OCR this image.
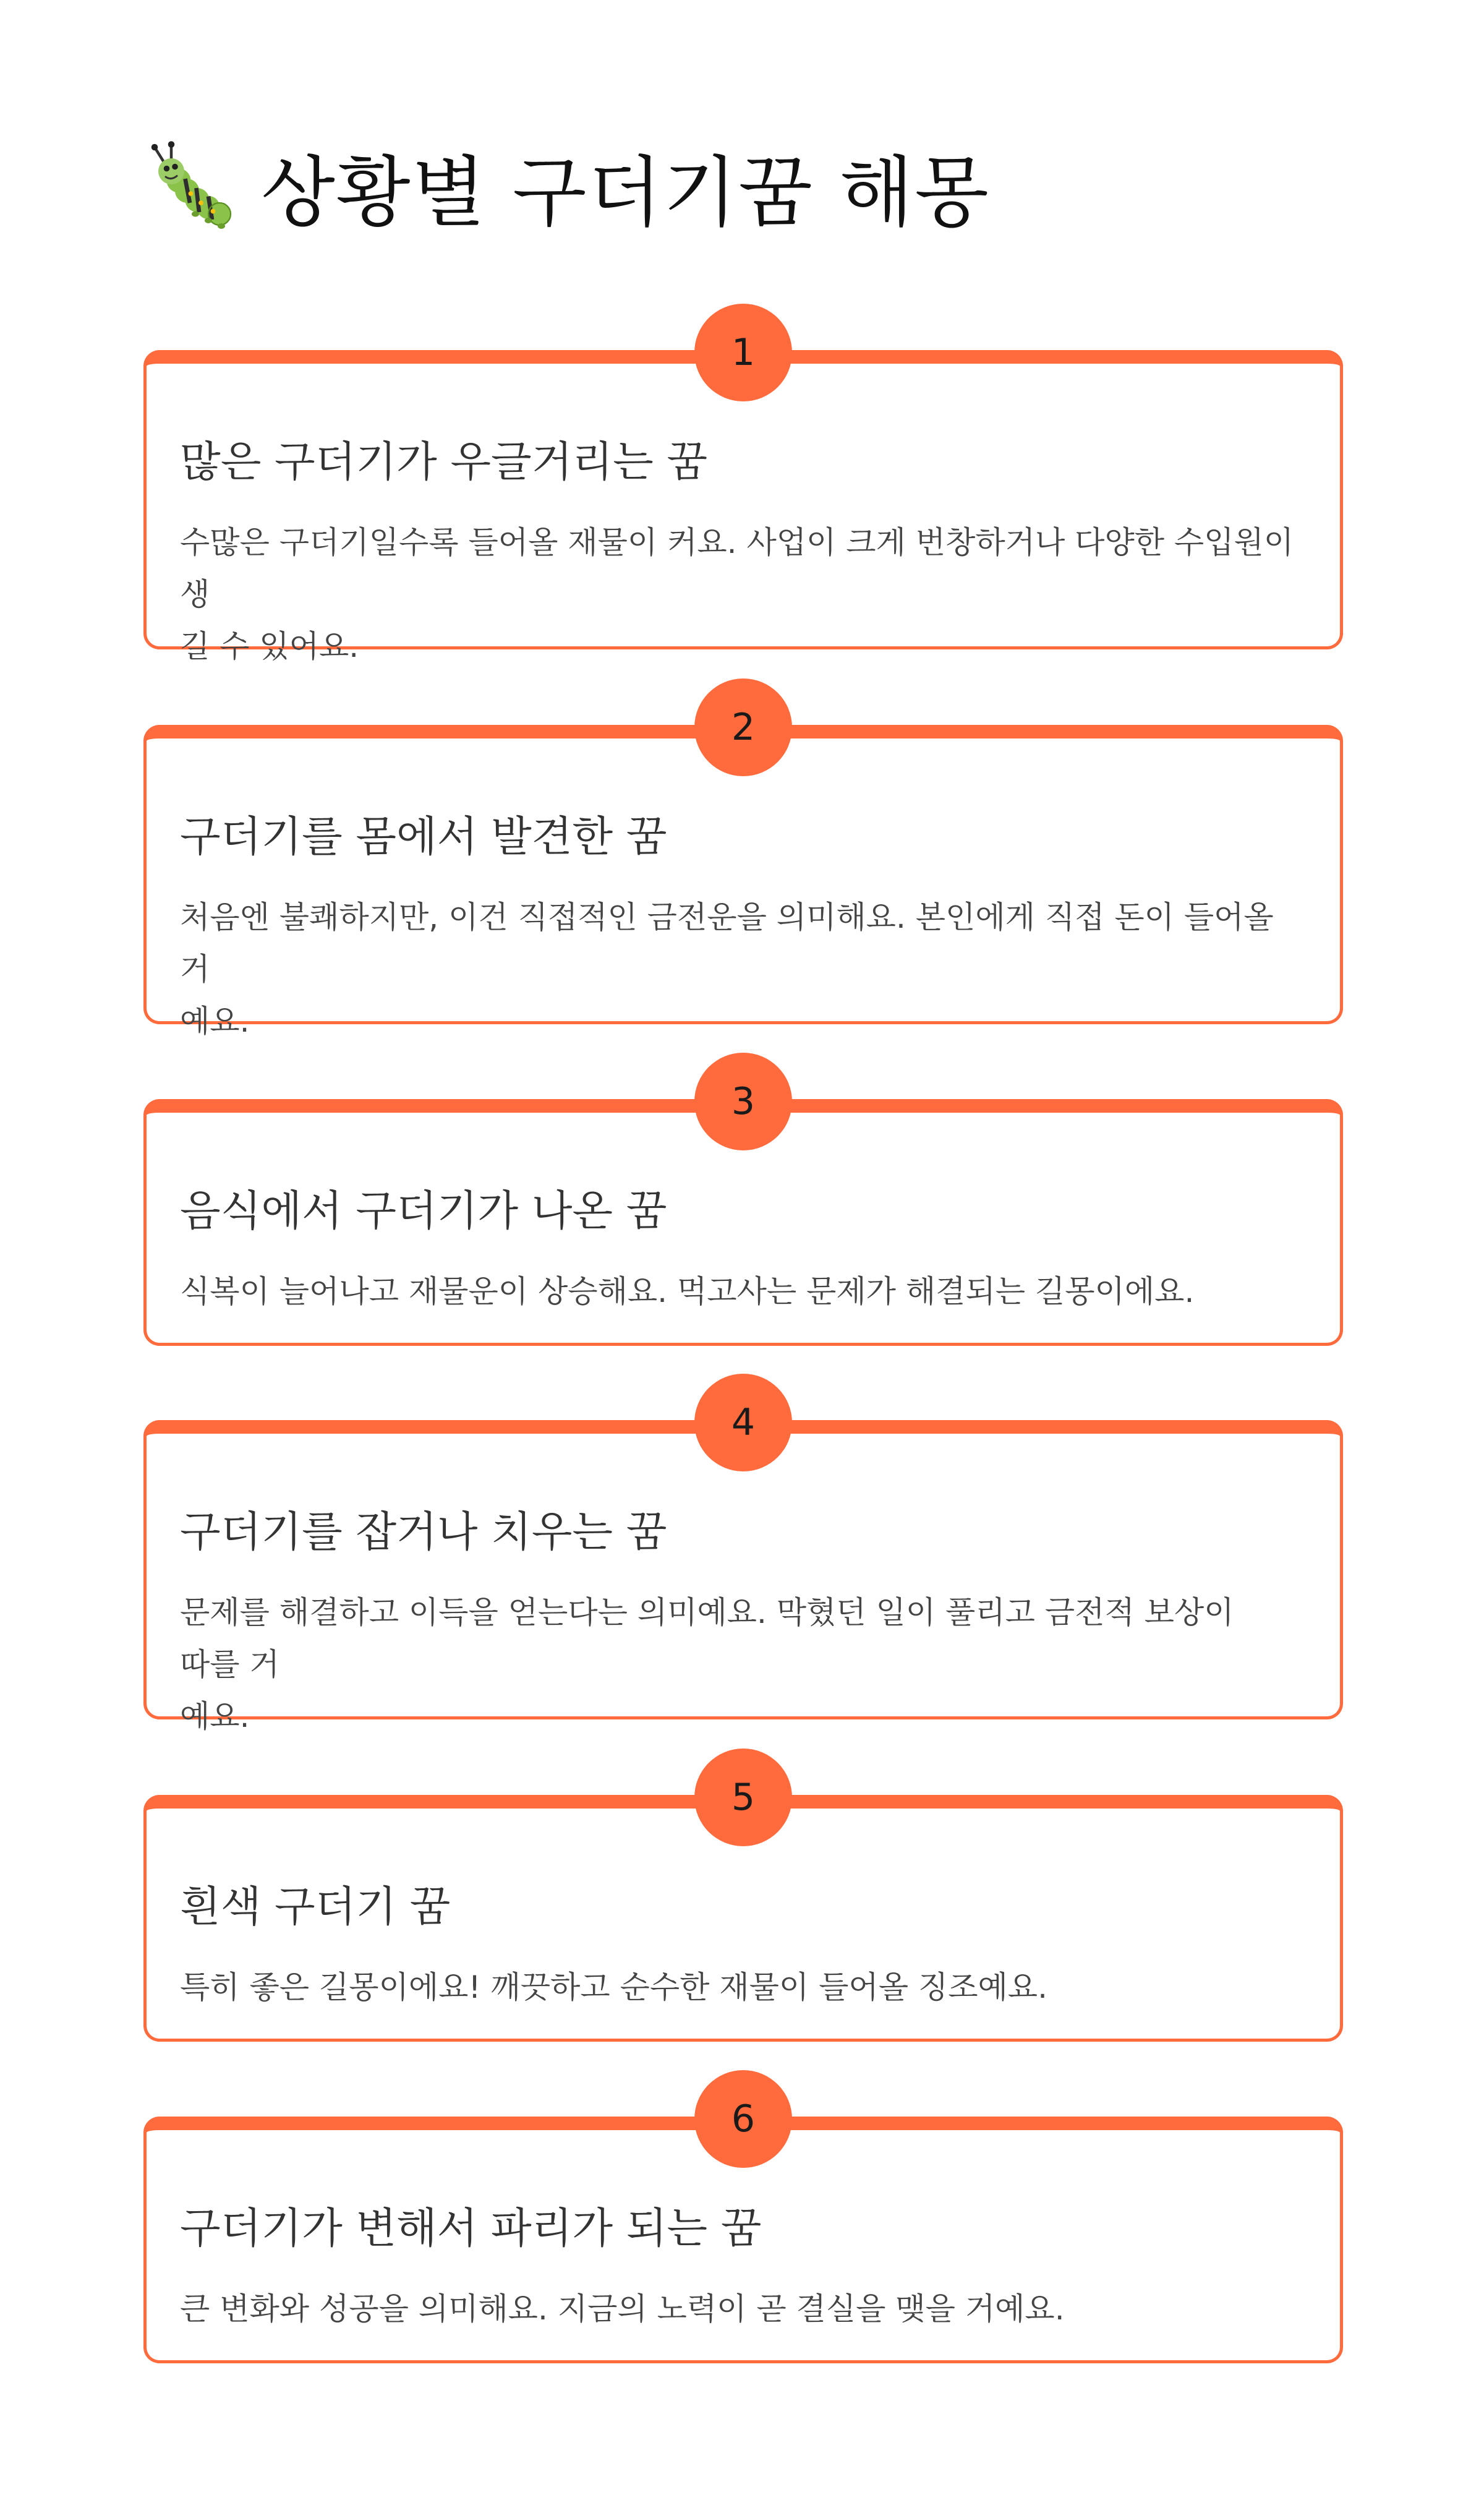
상황별 구더기꿈 해몽
1
많은 구더기가 우글거리는 꿈
수많은 구더기일수록 들어올 재물이 커요. 사업이 크게 번창하거나 다양한 수입원이 생
길 수 있어요.
2
구더기를 몸에서 발견한 꿈
처음엔 불쾌하지만, 이건 직접적인 금전운을 의미해요. 본인에게 직접 돈이 들어올 거
예요.
3
음식에서 구더기가 나온 꿈
식복이 늘어나고 재물운이 상승해요. 먹고사는 문제가 해결되는 길몽이에요.
4
구더기를 잡거나 치우는 꿈
문제를 해결하고 이득을 얻는다는 의미예요. 막혔던 일이 풀리고 금전적 보상이 따를 거
예요.
5
흰색 구더기 꿈
특히 좋은 길몽이에요! 깨끗하고 순수한 재물이 들어올 징조예요.
6
구더기가 변해서 파리가 되는 꿈
큰 변화와 성공을 의미해요. 지금의 노력이 곧 결실을 맺을 거예요.
